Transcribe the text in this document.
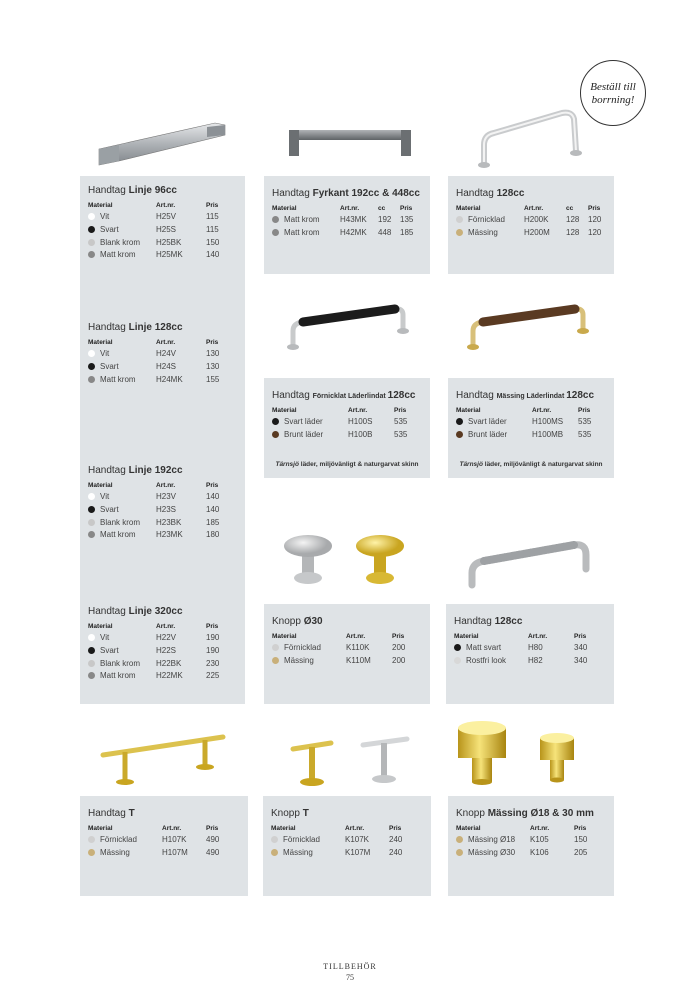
Beställ till
borrning!
Handtag Linje 96cc
Material	Art.nr.	Pris
Vit	H25V	115
Svart	H25S	115
Blank krom	H25BK	150
Matt krom	H25MK	140
Handtag Linje 128cc
Material	Art.nr.	Pris
Vit	H24V	130
Svart	H24S	130
Matt krom	H24MK	155
Handtag Linje 192cc
Material	Art.nr.	Pris
Vit	H23V	140
Svart	H23S	140
Blank krom	H23BK	185
Matt krom	H23MK	180
Handtag Linje 320cc
Material	Art.nr.	Pris
Vit	H22V	190
Svart	H22S	190
Blank krom	H22BK	230
Matt krom	H22MK	225
Handtag Fyrkant 192cc & 448cc
Material	Art.nr.	cc	Pris
Matt krom	H43MK	192	135
Matt krom	H42MK	448	185
Handtag 128cc
Material	Art.nr.	cc	Pris
Förnicklad	H200K	128	120
Mässing	H200M	128	120
Handtag Förnicklat Läderlindat 128cc
Material	Art.nr.	Pris
Svart läder	H100S	535
Brunt läder	H100B	535
Tärnsjö läder, miljövänligt & naturgarvat skinn
Handtag Mässing Läderlindat 128cc
Material	Art.nr.	Pris
Svart läder	H100MS	535
Brunt läder	H100MB	535
Tärnsjö läder, miljövänligt & naturgarvat skinn
Knopp Ø30
Material	Art.nr.	Pris
Förnicklad	K110K	200
Mässing	K110M	200
Handtag 128cc
Material	Art.nr.	Pris
Matt svart	H80	340
Rostfri look	H82	340
Handtag T
Material	Art.nr.	Pris
Förnicklad	H107K	490
Mässing	H107M	490
Knopp T
Material	Art.nr.	Pris
Förnicklad	K107K	240
Mässing	K107M	240
Knopp Mässing Ø18 & 30 mm
Material	Art.nr.	Pris
Mässing Ø18	K105	150
Mässing Ø30	K106	205
TILLBEHÖR
75
